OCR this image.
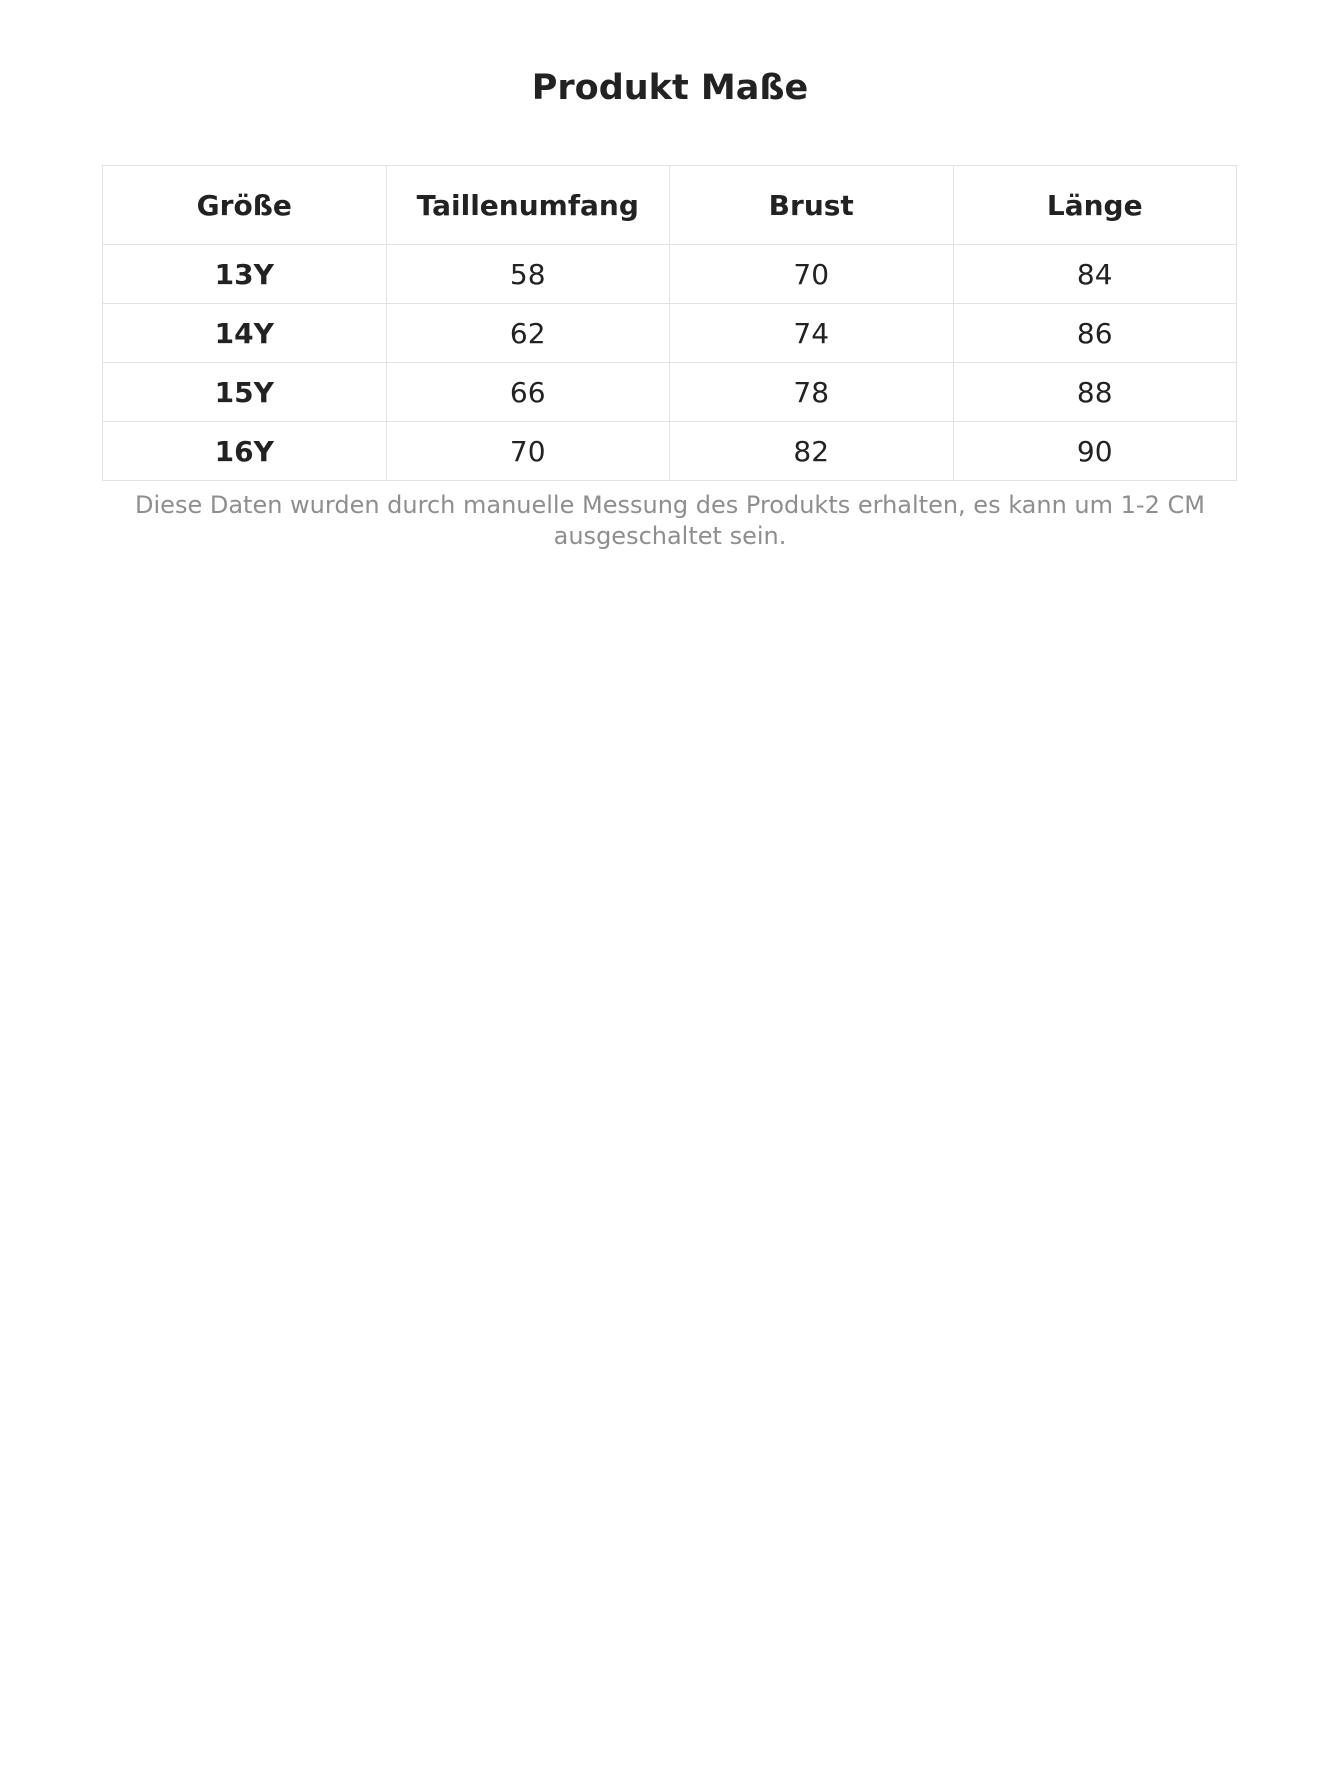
Produkt Maße
Größe	Taillenumfang	Brust	Länge
13Y	58	70	84
14Y	62	74	86
15Y	66	78	88
16Y	70	82	90

Diese Daten wurden durch manuelle Messung des Produkts erhalten, es kann um 1-2 CM ausgeschaltet sein.
